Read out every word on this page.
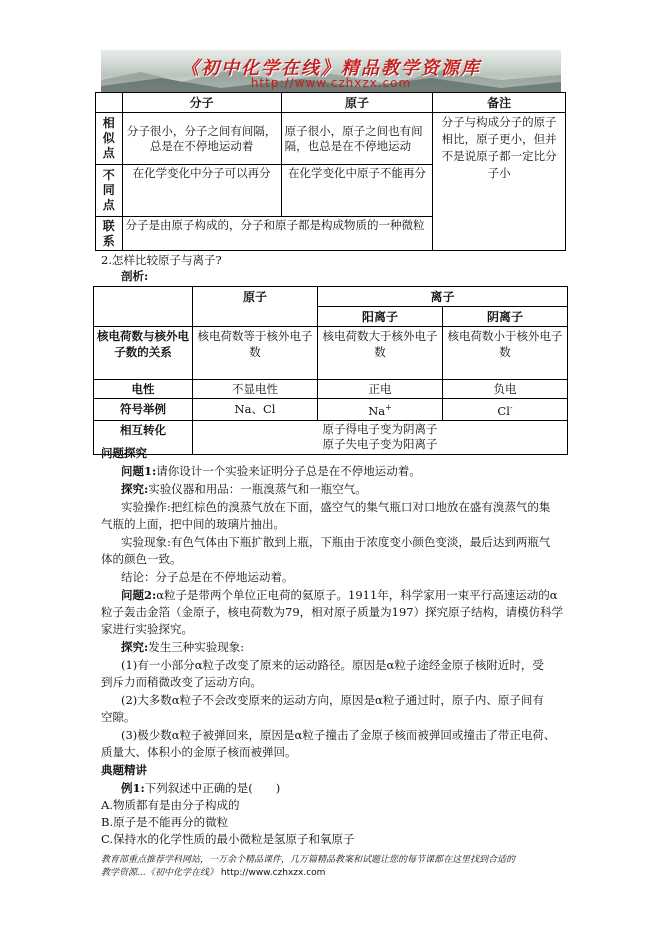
《初中化学在线》精品教学资源库
http://www.czhxzx.com
	分子	原子	备注
相似点	分子很小，分子之间有间隔，总是在不停地运动着	原子很小，原子之间也有间隔，也总是在不停地运动	分子与构成分子的原子相比，原子更小，但并不是说原子都一定比分子小
不同点	在化学变化中分子可以再分	在化学变化中原子不能再分	
联系	分子是由原子构成的，分子和原子都是构成物质的一种微粒		
2.怎样比较原子与离子?
剖析:
	原子	离子	
		阳离子	阴离子
核电荷数与核外电子数的关系	核电荷数等于核外电子数	核电荷数大于核外电子数	核电荷数小于核外电子数
电性	不显电性	正电	负电
符号举例	Na、Cl	Na+	Cl-
相互转化	原子得电子变为阴离子
原子失电子变为阳离子		
问题探究
问题1:请你设计一个实验来证明分子总是在不停地运动着。
探究:实验仪器和用品：一瓶溴蒸气和一瓶空气。
实验操作:把红棕色的溴蒸气放在下面，盛空气的集气瓶口对口地放在盛有溴蒸气的集
气瓶的上面，把中间的玻璃片抽出。
实验现象:有色气体由下瓶扩散到上瓶，下瓶由于浓度变小颜色变淡，最后达到两瓶气
体的颜色一致。
结论：分子总是在不停地运动着。
问题2:α粒子是带两个单位正电荷的氦原子。1911年，科学家用一束平行高速运动的α
粒子轰击金箔（金原子，核电荷数为79，相对原子质量为197）探究原子结构，请模仿科学
家进行实验探究。
探究:发生三种实验现象:
(1)有一小部分α粒子改变了原来的运动路径。原因是α粒子途经金原子核附近时，受
到斥力而稍微改变了运动方向。
(2)大多数α粒子不会改变原来的运动方向，原因是α粒子通过时，原子内、原子间有
空隙。
(3)极少数α粒子被弹回来，原因是α粒子撞击了金原子核而被弹回或撞击了带正电荷、
质量大、体积小的金原子核而被弹回。
典题精讲
例1:下列叙述中正确的是(　　)
A.物质都有是由分子构成的
B.原子是不能再分的微粒
C.保持水的化学性质的最小微粒是氢原子和氧原子
教育部重点推荐学科网站，一万余个精品课件，几万篇精品教案和试题让您的每节课都在这里找到合适的
教学资源…《初中化学在线》 http://www.czhxzx.com
